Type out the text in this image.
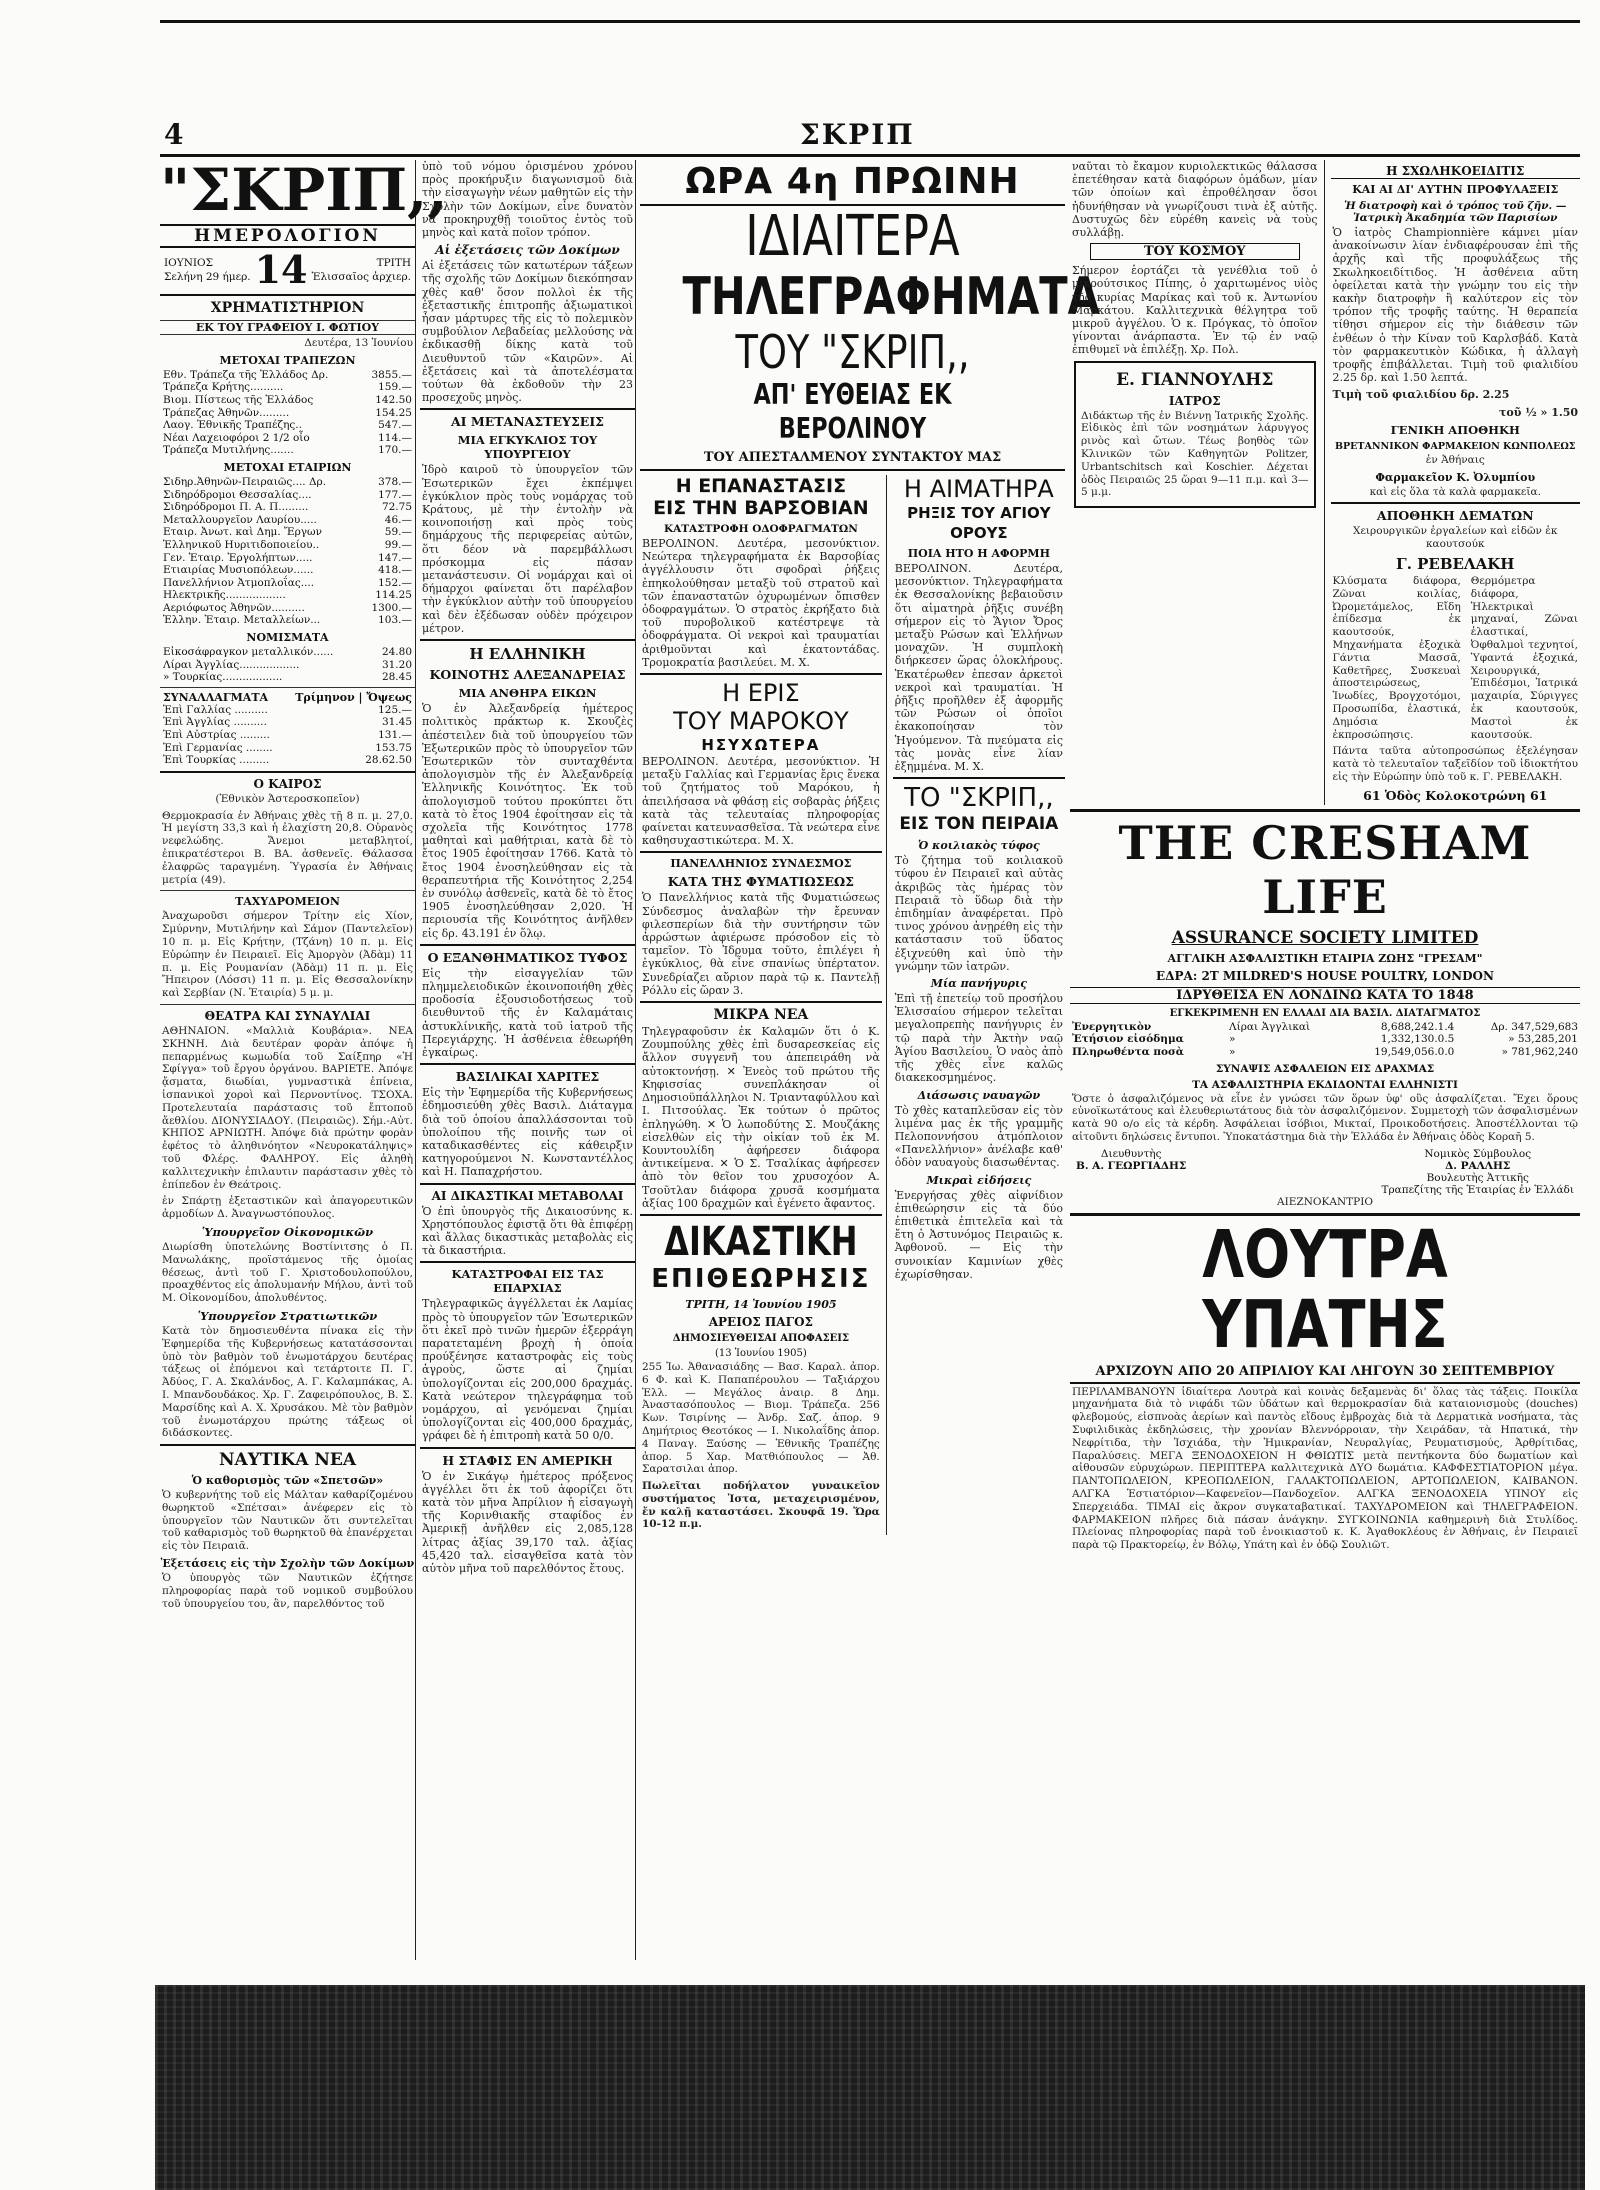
4	ΣΚΡΙΠ
"ΣΚΡΙΠ,,
ΗΜΕΡΟΛΟΓΙΟΝ
ΙΟΥΝΙΟΣ
Σελήνη 29 ήμερ. 14	ΤΡΙΤΗ
Ἐλισσαῖος ἀρχιερ.
ΧΡΗΜΑΤΙΣΤΗΡΙΟΝ
ΕΚ ΤΟΥ ΓΡΑΦΕΙΟΥ Ι. ΦΩΤΙΟΥ
Δευτέρα, 13 Ἰουνίου
ΜΕΤΟΧΑΙ ΤΡΑΠΕΖΩΝ
Εθν. Τράπεζα τῆς Ἑλλάδος Δρ.	3855.—
Τράπεζα Κρήτης..........	159.—
Βιομ. Πίστεως τῆς Ἑλλάδος	142.50
Τράπεζας Ἀθηνῶν.........	154.25
Λαογ. Ἐθνικῆς Τραπέζης..	547.—
Νέαι Λαχειοφόροι 2 1/2 οἶο	114.—
Τράπεζα Μυτιλήνης.......	170.—
ΜΕΤΟΧΑΙ ΕΤΑΙΡΙΩΝ
Σιδηρ.Ἀθηνῶν-Πειραιῶς.... Δρ.	378.—
Σιδηρόδρομοι Θεσσαλίας....	177.—
Σιδηρόδρομοι Π. Α. Π.........	72.75
Μεταλλουργεῖον Λαυρίου.....	46.—
Εταιρ. Ἀνωτ. καὶ Δημ. Ἔργων	59.—
Ἑλληνικοῦ Ηυριτιδοποιείου..	99.—
Γεν. Ἑταιρ. Ἐργολήπτων.....	147.—
Ετιαιρίας Μυσιοπόλεων......	418.—
Πανελλήνιον Ἀτμοπλοΐας....	152.—
Ηλεκτρικῆς..................	114.25
Αεριόφωτος Ἀθηνῶν..........	1300.—
Ἑλλην. Ἐταιρ. Μεταλλείων...	103.—
ΝΟΜΙΣΜΑΤΑ
Εἰκοσάφραγκον μεταλλικόν......	24.80
Λίραι Ἀγγλίας..................	31.20
» Τουρκίας..................	28.45
ΣΥΝΑΛΛΑΓΜΑΤΑ Τρίμηνον | Ὄψεως
Ἐπὶ Γαλλίας ..........	125.—
Ἐπὶ Ἀγγλίας ..........	31.45
Ἐπὶ Αὐστρίας .........	131.—
Ἐπὶ Γερμανίας ........	153.75
Ἐπὶ Τουρκίας .........	28.62.50
Ο ΚΑΙΡΟΣ
(Ἐθνικὸν Ἀστεροσκοπεῖον)

Θερμοκρασία ἐν Ἀθήναις χθὲς τῇ 8 π. μ. 27,0. Ἡ μεγίστη 33,3 καὶ ἡ ἐλαχίστη 20,8. Οὐρανὸς νεφελώδης. Ἄνεμοι μεταβλητοί, ἐπικρατέστεροι Β. ΒΑ. ἀσθενεῖς. Θάλασσα ἐλαφρῶς ταραγμένη. Ὑγρασία ἐν Ἀθήναις μετρία (49).

ΤΑΧΥΔΡΟΜΕΙΟΝ

Ἀναχωροῦσι σήμερον Τρίτην εἰς Χίον, Σμύρνην, Μυτιλήνην καὶ Σάμον (Παντελεῖον) 10 π. μ. Εἰς Κρήτην, (Τζάνη) 10 π. μ. Εἰς Εὐρώπην ἐν Πειραιεῖ. Εἰς Ἀμοργὸν (Ἀδὰμ) 11 π. μ. Εἰς Ρουμανίαν (Ἀδὰμ) 11 π. μ. Εἰς Ἤπειρον (Λόσσι) 11 π. μ. Εἰς Θεσσαλονίκην καὶ Σερβίαν (Ν. Ἑταιρία) 5 μ. μ.

ΘΕΑΤΡΑ ΚΑΙ ΣΥΝΑΥΛΙΑΙ

ΑΘΗΝΑΙΟΝ. «Μαλλιὰ Κουβάρια». ΝΕΑ ΣΚΗΝΗ. Διὰ δευτέραν φορὰν ἀπόψε ἡ πεπαρμένως κωμωδία τοῦ Σαίξπηρ «Ἡ Σφίγγα» τοῦ ἔργου ὀργάνου. ΒΑΡΙΕΤΕ. Ἀπόψε ᾄσματα, διωδίαι, γυμναστικὰ ἐπίνεια, ἰσπανικοὶ χοροὶ καὶ Περνοντίνος. ΤΣΟΧΑ. Προτελευταία παράστασις τοῦ ἔπτοποῦ ἄεθλίου. ΔΙΟΝΥΣΙΑΔΟΥ. (Πειραιῶς). Σήμ.-Αὐτ. ΚΗΠΟΣ ΑΡΝΙΩΤΗ. Ἀπόψε διὰ πρώτην φορὰν ἐφέτος τὸ ἀληθινόητον «Νευροκατάληψις» τοῦ Φλέρς. ΦΑΛΗΡΟΥ. Εἰς ἀληθὴ καλλιτεχνικὴν ἐπιλαυτιν παράστασιν χθὲς τὸ ἐπίπεδον ἐν Θεάτροις.

ἐν Σπάρτῃ ἐξεταστικῶν καὶ ἀπαγορευτικῶν ἀρμοδίων Δ. Ἀναγνωστόπουλος.

Ὑπουργεῖον Οἰκονομικῶν

Διωρίσθη ὑποτελώνης Βοστίνιτσης ὁ Π. Μανωλάκης, προϊστάμενος τῆς ὁμοίας θέσεως, ἀντὶ τοῦ Γ. Χριστοδουλοπούλου, προαχθέντος εἰς ἀπολυμανήν Μήλου, ἀντὶ τοῦ Μ. Οἰκονομίδου, ἀπολυθέντος.

Ὑπουργεῖον Στρατιωτικῶν

Κατὰ τὸν δημοσιευθέντα πίνακα εἰς τὴν Ἐφημερίδα τῆς Κυβερνήσεως κατατάσσονται ὑπὸ τὸν βαθμὸν τοῦ ἐνωμοτάρχου δευτέρας τάξεως οἱ ἐπόμενοι καὶ τετάρτοιτε Π. Γ. Ἀδύος, Γ. Α. Σκαλάνδος, Α. Γ. Καλαμπάκας, Α. Ι. Μπανδουδάκος. Χρ. Γ. Ζαφειρόπουλος, Β. Σ. Μαρσίδης καὶ Α. Χ. Χρυσάκου. Μὲ τὸν βαθμὸν τοῦ ἐνωμοτάρχου πρώτης τάξεως οἱ διδάσκοντες.

ΝΑΥΤΙΚΑ ΝΕΑ
Ὁ καθορισμὸς τῶν «Σπετσῶν»

Ὁ κυβερνήτης τοῦ εἰς Μάλταν καθαρίζομένου θωρηκτοῦ «Σπέτσαι» ἀνέφερεν εἰς τὸ ὑπουργεῖον τῶν Ναυτικῶν ὅτι συντελεῖται τοῦ καθαρισμὸς τοῦ θωρηκτοῦ θὰ ἐπανέρχεται εἰς τὸν Πειραιᾶ.

Ἐξετάσεις εἰς τὴν Σχολὴν τῶν Δοκίμων

Ὁ ὑπουργὸς τῶν Ναυτικῶν ἐζήτησε πληροφορίας παρὰ τοῦ νομικοῦ συμβούλου τοῦ ὑπουργείου του, ἂν, παρελθόντος τοῦ

ὑπὸ τοῦ νόμου ὁρισμένου χρόνου πρὸς προκήρυξιν διαγωνισμοῦ διὰ τὴν εἰσαγωγὴν νέων μαθητῶν εἰς τὴν Σχολὴν τῶν Δοκίμων, εἶνε δυνατὸν νὰ προκηρυχθῇ τοιοῦτος ἐντὸς τοῦ μηνὸς καὶ κατὰ ποῖον τρόπον.

Αἱ ἐξετάσεις τῶν Δοκίμων

Αἱ ἐξετάσεις τῶν κατωτέρων τάξεων τῆς σχολῆς τῶν Δοκίμων διεκόπησαν χθὲς καθ' ὅσον πολλοὶ ἐκ τῆς ἐξεταστικῆς ἐπιτροπῆς ἀξιωματικοὶ ἦσαν μάρτυρες τῆς εἰς τὸ πολεμικὸν συμβούλιον Λεβαδείας μελλούσης νὰ ἐκδικασθῇ δίκης κατὰ τοῦ Διευθυντοῦ τῶν «Καιρῶν». Αἱ ἐξετάσεις καὶ τὰ ἀποτελέσματα τούτων θὰ ἐκδοθοῦν τὴν 23 προσεχοῦς μηνὸς.

ΑΙ ΜΕΤΑΝΑΣΤΕΥΣΕΙΣ
ΜΙΑ ΕΓΚΥΚΛΙΟΣ ΤΟΥ ΥΠΟΥΡΓΕΙΟΥ

Ἰδρὸ καιροῦ τὸ ὑπουργεῖον τῶν Ἐσωτερικῶν ἔχει ἐκπέμψει ἐγκύκλιον πρὸς τοὺς νομάρχας τοῦ Κράτους, μὲ τὴν ἐντολὴν νὰ κοινοποιήσῃ καὶ πρὸς τοὺς δημάρχους τῆς περιφερείας αὐτῶν, ὅτι δέον νὰ παρεμβάλλωσι πρόσκομμα εἰς πάσαν μετανάστευσιν. Οἱ νομάρχαι καὶ οἱ δήμαρχοι φαίνεται ὅτι παρέλαβον τὴν ἐγκύκλιον αὐτὴν τοῦ ὑπουργείου καὶ δὲν ἐξέδωσαν οὐδὲν πρόχειρον μέτρον.

Η ΕΛΛΗΝΙΚΗ
ΚΟΙΝΟΤΗΣ ΑΛΕΞΑΝΔΡΕΙΑΣ
ΜΙΑ ΑΝΘΗΡΑ ΕΙΚΩΝ

Ὁ ἐν Ἀλεξανδρείᾳ ἡμέτερος πολιτικὸς πράκτωρ κ. Σκουζὲς ἀπέστειλεν διὰ τοῦ ὑπουργείου τῶν Ἐξωτερικῶν πρὸς τὸ ὑπουργεῖον τῶν Ἐσωτερικῶν τὸν συνταχθέντα ἀπολογισμὸν τῆς ἐν Ἀλεξανδρείᾳ Ἑλληνικῆς Κοινότητος. Ἐκ τοῦ ἀπολογισμοῦ τούτου προκύπτει ὅτι κατὰ τὸ ἔτος 1904 ἐφοίτησαν εἰς τὰ σχολεῖα τῆς Κοινότητος 1778 μαθηταὶ καὶ μαθήτριαι, κατὰ δὲ τὸ ἔτος 1905 ἐφοίτησαν 1766. Κατὰ τὸ ἔτος 1904 ἐνοσηλεύθησαν εἰς τὰ θεραπευτήρια τῆς Κοινότητος 2,254 ἐν συνόλῳ ἀσθενεῖς, κατὰ δὲ τὸ ἔτος 1905 ἐνοσηλεύθησαν 2,020. Ἡ περιουσία τῆς Κοινότητος ἀνῆλθεν εἰς δρ. 43.191 ἐν ὅλῳ.

Ο ΕΞΑΝΘΗΜΑΤΙΚΟΣ ΤΥΦΟΣ

Εἰς τὴν εἰσαγγελίαν τῶν πλημμελειοδικῶν ἐκοινοποιήθη χθὲς προδοσία ἐξουσιοδοτήσεως τοῦ διευθυντοῦ τῆς ἐν Καλαμάταις ἀστυκλίνικῆς, κατὰ τοῦ ἰατροῦ τῆς Περεγιάρχης. Ἡ ἀσθένεια ἐθεωρήθη ἐγκαίρως.

ΒΑΣΙΛΙΚΑΙ ΧΑΡΙΤΕΣ

Εἰς τὴν Ἐφημερίδα τῆς Κυβερνήσεως ἐδημοσιεύθη χθὲς Βασιλ. Διάταγμα διὰ τοῦ ὁποίου ἀπαλλάσσονται τοῦ ὑπολοίπου τῆς ποινῆς των οἱ καταδικασθέντες εἰς κάθειρξιν κατηγορούμενοι Ν. Κωνσταντέλλος καὶ Η. Παπαχρήστου.

ΑΙ ΔΙΚΑΣΤΙΚΑΙ ΜΕΤΑΒΟΛΑΙ

Ὁ ἐπὶ ὑπουργὸς τῆς Δικαιοσύνης κ. Χρηστόπουλος ἐφιστᾷ ὅτι θὰ ἐπιφέρῃ καὶ ἄλλας δικαστικὰς μεταβολὰς εἰς τὰ δικαστήρια.

ΚΑΤΑΣΤΡΟΦΑΙ ΕΙΣ ΤΑΣ ΕΠΑΡΧΙΑΣ

Τηλεγραφικῶς ἀγγέλλεται ἐκ Λαμίας πρὸς τὸ ὑπουργεῖον τῶν Ἐσωτερικῶν ὅτι ἐκεῖ πρὸ τινῶν ἡμερῶν ἐξερράγη παρατεταμένη βροχὴ ἡ ὁποία προύξένησε καταστροφὰς εἰς τοὺς ἀγροὺς, ὥστε αἱ ζημίαι ὑπολογίζονται εἰς 200,000 δραχμάς. Κατὰ νεώτερον τηλεγράφημα τοῦ νομάρχου, αἱ γενόμεναι ζημίαι ὑπολογίζονται εἰς 400,000 δραχμάς, γράφει δὲ ἡ ἐπιτροπὴ κατὰ 50 0/0.

Η ΣΤΑΦΙΣ ΕΝ ΑΜΕΡΙΚΗ

Ὁ ἐν Σικάγῳ ἡμέτερος πρόξενος ἀγγέλλει ὅτι ἐκ τοῦ ἀφορίζει ὅτι κατὰ τὸν μῆνα Ἀπρίλιον ἡ εἰσαγωγὴ τῆς Κορινθιακῆς σταφίδος ἐν Ἀμερικῇ ἀνῆλθεν εἰς 2,085,128 λίτρας ἀξίας 39,170 ταλ. ἀξίας 45,420 ταλ. εἰσαγθεῖσα κατὰ τὸν αὐτὸν μῆνα τοῦ παρελθόντος ἔτους.

ΩΡΑ 4η ΠΡΩΙΝΗ
ΙΔΙΑΙΤΕΡΑ
ΤΗΛΕΓΡΑΦΗΜΑΤΑ
ΤΟΥ "ΣΚΡΙΠ,,
ΑΠ' ΕΥΘΕΙΑΣ ΕΚ ΒΕΡΟΛΙΝΟΥ
ΤΟΥ ΑΠΕΣΤΑΛΜΕΝΟΥ ΣΥΝΤΑΚΤΟΥ ΜΑΣ
Η ΕΠΑΝΑΣΤΑΣΙΣ
ΕΙΣ ΤΗΝ ΒΑΡΣΟΒΙΑΝ
ΚΑΤΑΣΤΡΟΦΗ ΟΔΟΦΡΑΓΜΑΤΩΝ

ΒΕΡΟΛΙΝΟΝ. Δευτέρα, μεσονύκτιον. Νεώτερα τηλεγραφήματα ἐκ Βαρσοβίας ἀγγέλλουσιν ὅτι σφοδραὶ ῥήξεις ἐπηκολούθησαν μεταξὺ τοῦ στρατοῦ καὶ τῶν ἐπαναστατῶν ὀχυρωμένων ὄπισθεν ὁδοφραγμάτων. Ὁ στρατὸς ἐκρήξατο διὰ τοῦ πυροβολικοῦ κατέστρεψε τὰ ὁδοφράγματα. Οἱ νεκροὶ καὶ τραυματίαι ἀριθμοῦνται καὶ ἑκατοντάδας. Τρομοκρατία βασιλεύει. Μ. Χ.

Η ΕΡΙΣ
ΤΟΥ ΜΑΡΟΚΟΥ
ΗΣΥΧΩΤΕΡΑ

ΒΕΡΟΛΙΝΟΝ. Δευτέρα, μεσονύκτιον. Ἡ μεταξὺ Γαλλίας καὶ Γερμανίας ἔρις ἕνεκα τοῦ ζητήματος τοῦ Μαρόκου, ἡ ἀπειλήσασα νὰ φθάσῃ εἰς σοβαρὰς ῥήξεις κατὰ τὰς τελευταίας πληροφορίας φαίνεται κατευνασθεῖσα. Τὰ νεώτερα εἶνε καθησυχαστικώτερα. Μ. Χ.

ΠΑΝΕΛΛΗΝΙΟΣ ΣΥΝΔΕΣΜΟΣ
ΚΑΤΑ ΤΗΣ ΦΥΜΑΤΙΩΣΕΩΣ

Ὁ Πανελλήνιος κατὰ τῆς Φυματιώσεως Σύνδεσμος ἀναλαβὼν τὴν ἔρευναν φιλεσπερίων διὰ τὴν συντήρησιν τῶν ἀρρώστων ἀφιέρωσε πρόσοδον εἰς τὸ ταμεῖον. Τὸ Ἰδρυμα τοῦτο, ἐπιλέγει ἡ ἐγκύκλιος, θὰ εἶνε σπανίως ὑπέρτατον. Συνεδρίαζει αὔριον παρὰ τῷ κ. Παντελῇ Ρόλλυ εἰς ὥραν 3.

ΜΙΚΡΑ ΝΕΑ

Τηλεγραφοῦσιν ἐκ Καλαμῶν ὅτι ὁ Κ. Ζουμπούλης χθὲς ἐπὶ δυσαρεσκείας εἰς ἄλλον συγγενῆ του ἀπεπειράθη νὰ αὐτοκτονήσῃ. ✕ Ἐνεὸς τοῦ πρώτου τῆς Κηφισσίας συνεπλάκησαν οἱ Δημοσιοϋπάλληλοι Ν. Τριανταφύλλου καὶ Ι. Πιτσούλας. Ἐκ τούτων ὁ πρῶτος ἐπληγώθη. ✕ Ὁ λωποδύτης Σ. Μουζάκης εἰσελθὼν εἰς τὴν οἰκίαν τοῦ ἐκ Μ. Κουντουλίδη ἀφήρεσεν διάφορα ἀντικείμενα. ✕ Ὁ Σ. Τσαλίκας ἀφήρεσεν ἀπὸ τὸν θεῖον του χρυσοχόον Α. Τσοῦτλαν διάφορα χρυσᾶ κοσμήματα ἀξίας 100 δραχμῶν καὶ ἐγένετο ἄφαντος.

ΔΙΚΑΣΤΙΚΗ
ΕΠΙΘΕΩΡΗΣΙΣ
ΤΡΙΤΗ, 14 Ἰουνίου 1905
ΑΡΕΙΟΣ ΠΑΓΟΣ
ΔΗΜΟΣΙΕΥΘΕΙΣΑΙ ΑΠΟΦΑΣΕΙΣ
(13 Ἰουνίου 1905)

255 Ἰω. Ἀθανασιάδης — Βασ. Καραλ. ἀπορ. 6 Φ. καὶ Κ. Παπαπέρουλου — Ταξιάρχου Ἐλλ. — Μεγάλος ἀναιρ. 8 Δημ. Ἀναστασόπουλος — Βιομ. Τράπεζα. 256 Κων. Τσιρίνης — Ἀνδρ. Σαζ. ἀπορ. 9 Δημήτριος Θεοτόκος — Ι. Νικολαΐδης ἀπορ. 4 Παναγ. Ξαύσης — Ἐθνικῆς Τραπέζης ἀπορ. 5 Χαρ. Ματθιόπουλος — Ἀθ. Σαρατσιλαι ἀπορ.

Πωλεῖται ποδήλατον γυναικεῖον συστήματος Ἰστα, μεταχειρισμένον, ἔν καλῇ καταστάσει. Σκουφᾶ 19. Ὥρα 10-12 π.μ.

Η ΑΙΜΑΤΗΡΑ
ΡΗΞΙΣ ΤΟΥ ΑΓΙΟΥ ΟΡΟΥΣ
ΠΟΙΑ ΗΤΟ Η ΑΦΟΡΜΗ

ΒΕΡΟΛΙΝΟΝ. Δευτέρα, μεσονύκτιον. Τηλεγραφήματα ἐκ Θεσσαλονίκης βεβαιοῦσιν ὅτι αἱματηρὰ ῥῆξις συνέβη σήμερον εἰς τὸ Ἅγιον Ὄρος μεταξὺ Ρώσων καὶ Ἑλλήνων μοναχῶν. Ἡ συμπλοκὴ διήρκεσεν ὥρας ὁλοκλήρους. Ἑκατέρωθεν ἐπεσαν ἀρκετοὶ νεκροὶ καὶ τραυματίαι. Ἡ ῥῆξις προῆλθεν ἐξ ἀφορμῆς τῶν Ρώσων οἱ ὁποῖοι ἐκακοποίησαν τὸν Ἡγούμενον. Τὰ πνεύματα εἰς τὰς μονὰς εἶνε λίαν ἐξημμένα. Μ. Χ.

ΤΟ "ΣΚΡΙΠ,,
ΕΙΣ ΤΟΝ ΠΕΙΡΑΙΑ
Ὁ κοιλιακὸς τύφος

Τὸ ζήτημα τοῦ κοιλιακοῦ τύφου ἐν Πειραιεῖ καὶ αὐτὰς ἀκριβῶς τὰς ἡμέρας τὸν Πειραιᾶ τὸ ὕδωρ διὰ τὴν ἐπιδημίαν ἀναφέρεται. Πρὸ τινος χρόνου ἀνῃρέθη εἰς τὴν κατάστασιν τοῦ ὕδατος ἐξιχνεύθη καὶ ὑπὸ τὴν γνώμην τῶν ἰατρῶν.

Μία πανήγυρις

Ἐπὶ τῇ ἐπετείῳ τοῦ προσήλου Ἐλισσαίου σήμερον τελεῖται μεγαλοπρεπὴς πανήγυρις ἐν τῷ παρὰ τὴν Ἀκτὴν ναῷ Ἁγίου Βασιλείου. Ὁ ναὸς ἀπὸ τῆς χθὲς εἶνε καλῶς διακεκοσμημένος.

Διάσωσις ναυαγῶν

Τὸ χθὲς καταπλεῦσαν εἰς τὸν λιμένα μας ἐκ τῆς γραμμῆς Πελοποννήσου ἀτμόπλοιον «Πανελλήνιον» ἀνέλαβε καθ' ὁδὸν ναυαγοὺς διασωθέντας.

Μικραὶ εἰδήσεις

Ἐνεργήσας χθὲς αἰφνίδιον ἐπιθεώρησιν εἰς τὰ δύο ἐπιθετικὰ ἐπιτελεῖα καὶ τὰ ἔτη ὁ Ἀστυνόμος Πειραιῶς κ. Ἀφθονοῦ. — Εἰς τὴν συνοικίαν Καμινίων χθὲς ἐχωρίσθησαν.

ναῦται τὸ ἔκαμον κυριολεκτικῶς θάλασσα ἐπετέθησαν κατὰ διαφόρων ὁμάδων, μίαν τῶν ὁποίων καὶ ἐπροθέλησαν ὅσοι ἠδυνήθησαν νὰ γνωρίζουσι τινὰ ἐξ αὐτῆς. Δυστυχῶς δὲν εὑρέθη κανεὶς νὰ τοὺς συλλάβῃ.

ΤΟΥ ΚΟΣΜΟΥ

Σήμερον ἑορτάζει τὰ γενέθλια τοῦ ὁ μικρούτσικος Πίπης, ὁ χαριτωμένος υἱὸς τῆς κυρίας Μαρίκας καὶ τοῦ κ. Ἀντωνίου Μαρκάτου. Καλλιτεχνικὰ θέλγητρα τοῦ μικροῦ ἀγγέλου. Ὁ κ. Πρόγκας, τὸ ὁποῖον γίνονται ἀνάρπαστα. Ἐν τῷ ἐν ναῷ ἐπιθυμεῖ νὰ ἐπιλέξῃ. Χρ. Πολ.

Ε. ΓΙΑΝΝΟΥΛΗΣ
ΙΑΤΡΟΣ

Διδάκτωρ τῆς ἐν Βιέννῃ Ἰατρικῆς Σχολῆς. Εἰδικὸς ἐπὶ τῶν νοσημάτων λάρυγγος ρινὸς καὶ ὤτων. Τέως βοηθὸς τῶν Κλινικῶν τῶν Καθηγητῶν Politzer, Urbantschitsch καὶ Koschier. Δέχεται ὁδὸς Πειραιῶς 25 ὥραι 9—11 π.μ. καὶ 3—5 μ.μ.

Η ΣΧΩΛΗΚΟΕΙΔΙΤΙΣ
ΚΑΙ ΑΙ ΔΙ' ΑΥΤΗΝ ΠΡΟΦΥΛΑΞΕΙΣ
Ἡ διατροφὴ καὶ ὁ τρόπος τοῦ ζῆν. — Ἰατρικὴ Ἀκαδημία τῶν Παρισίων

Ὁ ἰατρὸς Championnière κάμνει μίαν ἀνακοίνωσιν λίαν ἐνδιαφέρουσαν ἐπὶ τῆς ἀρχῆς καὶ τῆς προφυλάξεως τῆς Σκωληκοειδίτιδος. Ἡ ἀσθένεια αὕτη ὀφείλεται κατὰ τὴν γνώμην του εἰς τὴν κακὴν διατροφὴν ἢ καλύτερον εἰς τὸν τρόπον τῆς τροφῆς ταύτης. Ἡ θεραπεία τίθησι σήμερον εἰς τὴν διάθεσιν τῶν ἐνθέων ὁ τὴν Κίναν τοῦ Καρλσβάδ. Κατὰ τὸν φαρμακευτικὸν Κώδικα, ἡ ἀλλαγὴ τροφῆς ἐπιβάλλεται. Τιμὴ τοῦ φιαλιδίου 2.25 δρ. καὶ 1.50 λεπτά.

Τιμὴ τοῦ φιαλιδίου δρ. 2.25
τοῦ ½ » 1.50
ΓΕΝΙΚΗ ΑΠΟΘΗΚΗ
ΒΡΕΤΑΝΝΙΚΟΝ ΦΑΡΜΑΚΕΙΟΝ ΚΩΝΠΟΛΕΩΣ
ἐν Ἀθήναις
Φαρμακεῖον Κ. Ὀλυμπίου
καὶ εἰς ὅλα τὰ καλὰ φαρμακεῖα.
ΑΠΟΘΗΚΗ ΔΕΜΑΤΩΝ
Χειρουργικῶν ἐργαλείων καὶ εἰδῶν ἐκ καουτσούκ
Γ. ΡΕΒΕΛΑΚΗ

Κλύσματα διάφορα, Ζῶναι κοιλίας, Ὠρομετάμελος, Εἴδη ἐπίδεσμα ἐκ καουτσούκ, Μηχανήματα ἐξοχικὰ Γάντια Μασσᾶ, Καθετῆρες, Συσκευαὶ ἀποστειρώσεως, Ἰνωδίες, Βρογχοτόμοι, Προσωπίδα, ἑλαστικά, Δημόσια ἐκπροσώπησις.

Θερμόμετρα διάφορα, Ἠλεκτρικαὶ μηχαναί, Ζῶναι ἑλαστικαί, Ὀφθαλμοὶ τεχνητοί, Ὑφαντά ἐξοχικά, Χειρουργικά, Ἐπιδέσμοι, Ἰατρικά μαχαιρία, Σύριγγες ἐκ καουτσούκ, Μαστοὶ ἐκ καουτσούκ.

Πάντα ταῦτα αὐτοπροσώπως ἐξελέγησαν κατὰ τὸ τελευταῖον ταξεῖδίον τοῦ ἰδιοκτήτου εἰς τὴν Εὐρώπην ὑπὸ τοῦ κ. Γ. ΡΕΒΕΛΑΚΗ.

61 Ὁδὸς Κολοκοτρώνη 61
THE CRESHAM LIFE
ASSURANCE SOCIETY LIMITED
ΑΓΓΛΙΚΗ ΑΣΦΑΛΙΣΤΙΚΗ ΕΤΑΙΡΙΑ ΖΩΗΣ "ΓΡΕΣΑΜ"
ΕΔΡΑ: 2Τ MILDRED'S HOUSE POULTRY, LONDON
ΙΔΡΥΘΕΙΣΑ ΕΝ ΛΟΝΔΙΝΩ ΚΑΤΑ ΤΟ 1848
ΕΓΚΕΚΡΙΜΕΝΗ ΕΝ ΕΛΛΑΔΙ ΔΙΑ ΒΑΣΙΛ. ΔΙΑΤΑΓΜΑΤΟΣ
Ἐνεργητικὸν	Λίραι Ἀγγλικαὶ	8,688,242.1.4	Δρ. 347,529,683
Ἐτήσιον εἰσόδημα	»	1,332,130.0.5	» 53,285,201
Πληρωθέντα ποσὰ	»	19,549,056.0.0	» 781,962,240
ΣΥΝΑΨΙΣ ΑΣΦΑΛΕΙΩΝ ΕΙΣ ΔΡΑΧΜΑΣ
ΤΑ ΑΣΦΑΛΙΣΤΗΡΙΑ ΕΚΔΙΔΟΝΤΑΙ ΕΛΛΗΝΙΣΤΙ

Ὅστε ὁ ἀσφαλιζόμενος νὰ εἶνε ἐν γνώσει τῶν ὅρων ὑφ' οὓς ἀσφαλίζεται. Ἔχει ὅρους εὐνοϊκωτάτους καὶ ἐλευθεριωτάτους διὰ τὸν ἀσφαλιζόμενον. Συμμετοχὴ τῶν ἀσφαλισμένων κατὰ 90 ο/ο εἰς τὰ κέρδη. Ἀσφάλειαι ἰσόβιοι, Μικταί, Προικοδοτήσεις. Ἀποστέλλονται τῷ αἰτοῦντι δηλώσεις ἔντυποι. Ὑποκατάστημα διὰ τὴν Ἑλλάδα ἐν Ἀθήναις ὁδὸς Κοραῆ 5.

Διευθυντὴς
Β. Α. ΓΕΩΡΓΙΑΔΗΣ
Νομικὸς Σύμβουλος
Δ. ΡΑΛΛΗΣ
Βουλευτὴς Ἀττικῆς
Τραπεζίτης τῆς Ἑταιρίας ἐν Ἑλλάδι
ΑΙΕΖΝΟΚΑΝΤΡΙΟ
ΛΟΥΤΡΑ ΥΠΑΤΗΣ
ΑΡΧΙΖΟΥΝ ΑΠΟ 20 ΑΠΡΙΛΙΟΥ ΚΑΙ ΛΗΓΟΥΝ 30 ΣΕΠΤΕΜΒΡΙΟΥ

ΠΕΡΙΛΑΜΒΑΝΟΥΝ ἰδιαίτερα Λουτρὰ καὶ κοινὰς δεξαμενὰς δι' ὅλας τὰς τάξεις. Ποικίλα μηχανήματα διὰ τὸ νιφάδι τῶν ὑδάτων καὶ θερμοκρασίαν διὰ καταιονισμοὺς (douches) φλεβομούς, εἰσπνοὰς ἀερίων καὶ παντὸς εἴδους ἐμβροχὰς διὰ τὰ Δερματικὰ νοσήματα, τὰς Συφιλιδικὰς ἐκδηλώσεις, τὴν χρονίαν Βλεννόρροιαν, τὴν Χειράδαν, τὰ Ηπατικά, τὴν Νεφρίτιδα, τὴν Ἰσχιάδα, τὴν Ἡμικρανίαν, Νευραλγίας, Ρευματισμούς, Ἀρθρίτιδας, Παραλύσεις. ΜΕΓΑ ΞΕΝΟΔΟΧΕΙΟΝ Η ΦΘΙΩΤΙΣ μετὰ πεντήκοντα δύο δωματίων καὶ αἰθουσῶν εὐρυχώρων. ΠΕΡΙΠΤΕΡΑ καλλιτεχνικὰ ΔΥΟ δωμάτια. ΚΑΦΦΕΣΤΙΑΤΟΡΙΟΝ μέγα. ΠΑΝΤΟΠΩΛΕΙΟΝ, ΚΡΕΟΠΩΛΕΙΟΝ, ΓΑΛΑΚΤΟΠΩΛΕΙΟΝ, ΑΡΤΟΠΩΛΕΙΟΝ, ΚΑΙΒΑΝΟΝ. ΑΛΓΚΑ Ἑστιατόριον—Καφενεῖον—Πανδοχεῖον. ΑΛΓΚΑ ΞΕΝΟΔΟΧΕΙΑ ΥΠΝΟΥ εἰς Σπερχειάδα. ΤΙΜΑΙ εἰς ἄκρον συγκαταβατικαί. ΤΑΧΥΔΡΟΜΕΙΟΝ καὶ ΤΗΛΕΓΡΑΦΕΙΟΝ. ΦΑΡΜΑΚΕΙΟΝ πλῆρες διὰ πάσαν ἀνάγκην. ΣΥΓΚΟΙΝΩΝΙΑ καθημερινὴ διὰ Στυλίδος. Πλείονας πληροφορίας παρὰ τοῦ ἐνοικιαστοῦ κ. Κ. Ἀγαθοκλέους ἐν Ἀθήναις, ἐν Πειραιεῖ παρὰ τῷ Πρακτορείῳ, ἐν Βόλῳ, Υπάτη καὶ ἐν ὁδῷ Σουλιῶτ.
